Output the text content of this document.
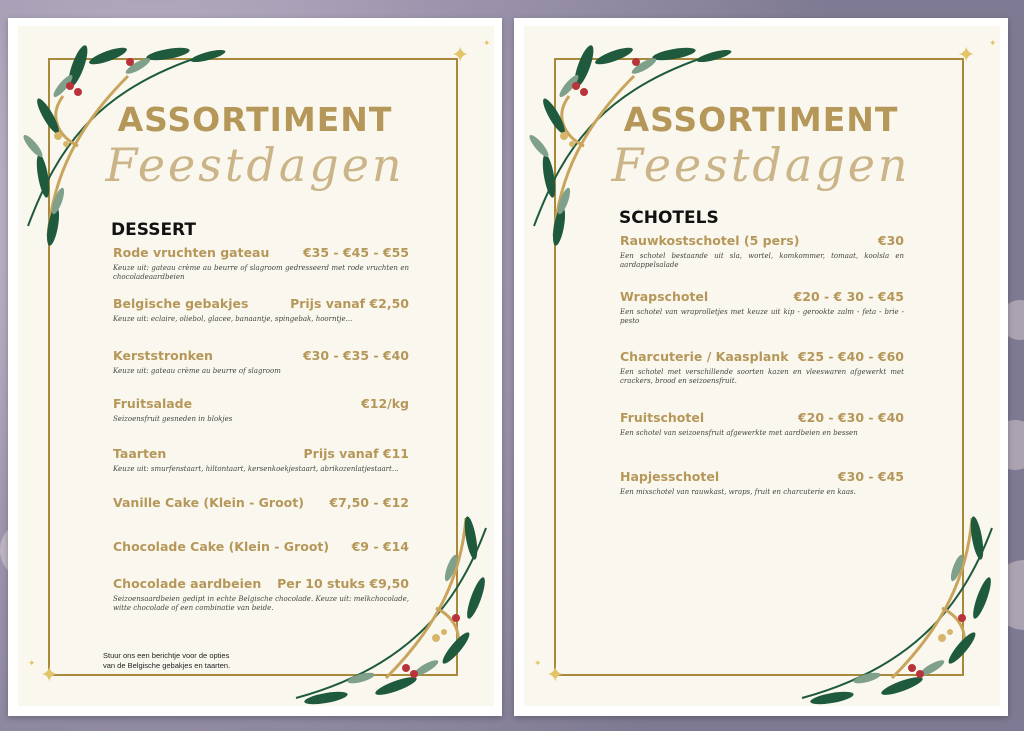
✦ ✦
✦
✦
ASSORTIMENT
Feestdagen
DESSERT
Rode vruchten gateau	€35 - €45 - €55
Keuze uit: gateau crème au beurre of slagroom gedresseerd met rode vruchten en chocoladeaardbeien
Belgische gebakjes	Prijs vanaf €2,50
Keuze uit: eclaire, oliebol, glacee, banaantje, spingebak, hoorntje...
Kerststronken	€30 - €35 - €40
Keuze uit: gateau crème au beurre of slagroom
Fruitsalade	€12/kg
Seizoensfruit gesneden in blokjes
Taarten	Prijs vanaf €11
Keuze uit: smurfenstaart, hiltontaart, kersenkoekjestaart, abrikozenlatjestaart...
Vanille Cake (Klein - Groot) €7,50 - €12
Chocolade Cake (Klein - Groot) €9 - €14
Chocolade aardbeien Per 10 stuks €9,50
Seizoensaardbeien gedipt in echte Belgische chocolade. Keuze uit: melkchocolade, witte chocolade of een combinatie van beide.
Stuur ons een berichtje voor de opties
van de Belgische gebakjes en taarten.
✦ ✦
✦
✦
ASSORTIMENT
Feestdagen
SCHOTELS
Rauwkostschotel (5 pers)	€30
Een schotel bestaande uit sla, wortel, komkommer, tomaat, koolsla en aardappelsalade
Wrapschotel	€20 - € 30 - €45
Een schotel van wraprolletjes met keuze uit kip - gerookte zalm - feta - brie - pesto
Charcuterie / Kaasplank €25 - €40 - €60
Een schotel met verschillende soorten kazen en vleeswaren afgewerkt met crackers, brood en seizoensfruit.
Fruitschotel	€20 - €30 - €40
Een schotel van seizoensfruit afgewerkte met aardbeien en bessen
Hapjesschotel	€30 - €45
Een mixschotel van rauwkast, wraps, fruit en charcuterie en kaas.
